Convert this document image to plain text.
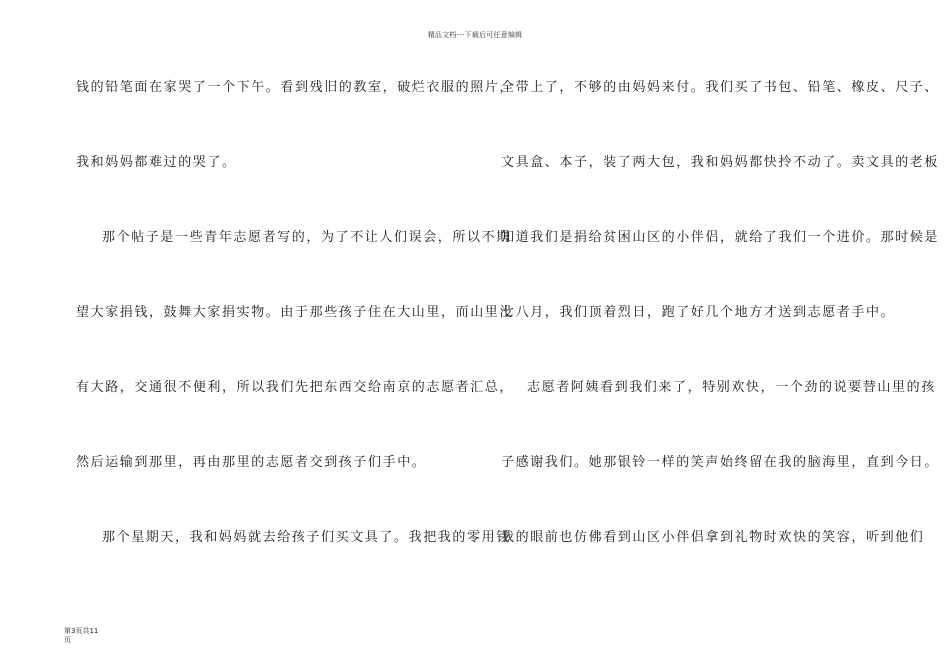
精品文档---下载后可任意编辑
钱的铅笔面在家哭了一个下午。看到残旧的教室，破烂衣服的照片，
我和妈妈都难过的哭了。
那个帖子是一些青年志愿者写的，为了不让人们误会，所以不期
望大家捐钱，鼓舞大家捐实物。由于那些孩子住在大山里，而山里没
有大路，交通很不便利，所以我们先把东西交给南京的志愿者汇总，
然后运输到那里，再由那里的志愿者交到孩子们手中。
那个星期天，我和妈妈就去给孩子们买文具了。我把我的零用钱
全带上了，不够的由妈妈来付。我们买了书包、铅笔、橡皮、尺子、
文具盒、本子，装了两大包，我和妈妈都快拎不动了。卖文具的老板
知道我们是捐给贫困山区的小伴侣，就给了我们一个进价。那时候是
七八月，我们顶着烈日，跑了好几个地方才送到志愿者手中。
志愿者阿姨看到我们来了，特别欢快，一个劲的说要替山里的孩
子感谢我们。她那银铃一样的笑声始终留在我的脑海里，直到今日。
我的眼前也仿佛看到山区小伴侣拿到礼物时欢快的笑容，听到他们
第3页共11
页
